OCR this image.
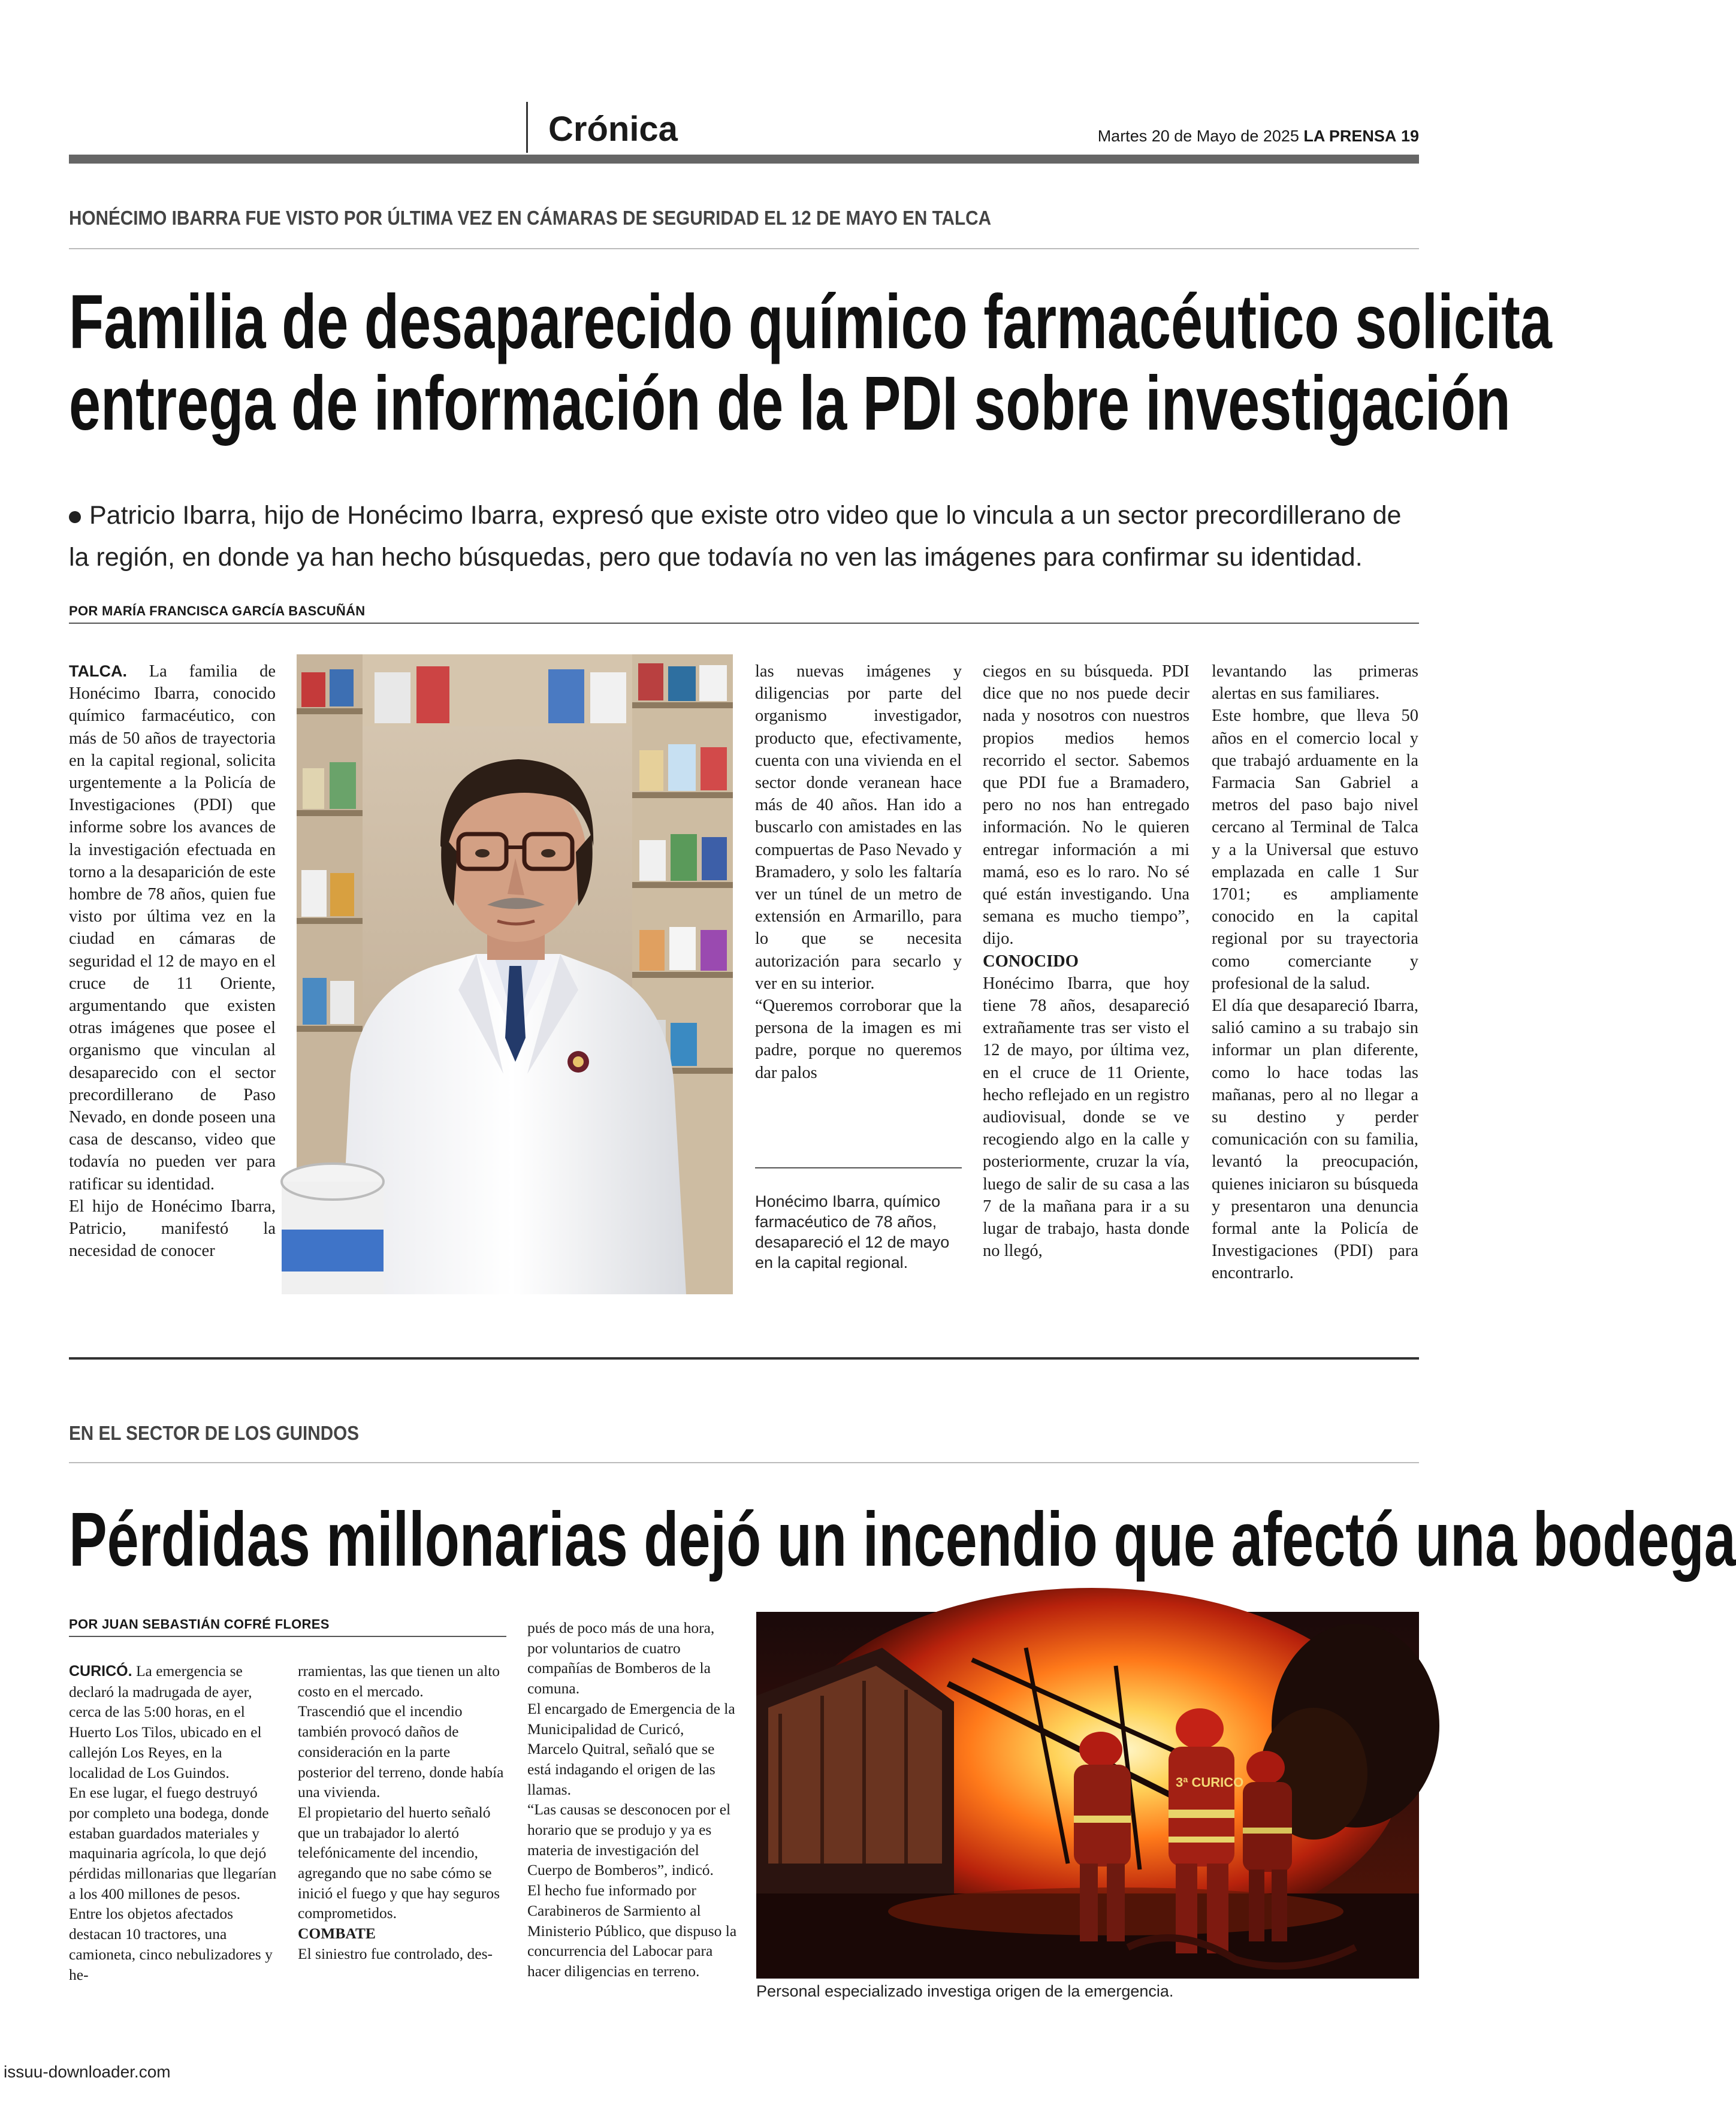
Crónica	Martes 20 de Mayo de 2025 LA PRENSA 19
HONÉCIMO IBARRA FUE VISTO POR ÚLTIMA VEZ EN CÁMARAS DE SEGURIDAD EL 12 DE MAYO EN TALCA
Familia de desaparecido químico farmacéutico solicita
entrega de información de la PDI sobre investigación
Patricio Ibarra, hijo de Honécimo Ibarra, expresó que existe otro video que lo vincula a un sector precordillerano de la región, en donde ya han hecho búsquedas, pero que todavía no ven las imágenes para confirmar su identidad.
POR MARÍA FRANCISCA GARCÍA BASCUÑÁN

TALCA. La familia de Honécimo Ibarra, conocido químico farmacéutico, con más de 50 años de trayectoria en la capital regional, solicita urgentemente a la Policía de Investigaciones (PDI) que informe sobre los avances de la investigación efectuada en torno a la desaparición de este hombre de 78 años, quien fue visto por última vez en la ciudad en cámaras de seguridad el 12 de mayo en el cruce de 11 Oriente, argumentando que existen otras imágenes que posee el organismo que vinculan al desaparecido con el sector precordillerano de Paso Nevado, en donde poseen una casa de descanso, video que todavía no pueden ver para ratificar su identidad.

El hijo de Honécimo Ibarra, Patricio, manifestó la necesidad de conocer

las nuevas imágenes y diligencias por parte del organismo investigador, producto que, efectivamente, cuenta con una vivienda en el sector donde veranean hace más de 40 años. Han ido a buscarlo con amistades en las compuertas de Paso Nevado y Bramadero, y solo les faltaría ver un túnel de un metro de extensión en Armarillo, para lo que se necesita autorización para secarlo y ver en su interior.

“Queremos corroborar que la persona de la imagen es mi padre, porque no queremos dar palos

Honécimo Ibarra, químico farmacéutico de 78 años, desapareció el 12 de mayo en la capital regional.

ciegos en su búsqueda. PDI dice que no nos puede decir nada y nosotros con nuestros propios medios hemos recorrido el sector. Sabemos que PDI fue a Bramadero, pero no nos han entregado información. No le quieren entregar información a mi mamá, eso es lo raro. No sé qué están investigando. Una semana es mucho tiempo”, dijo.

CONOCIDO

Honécimo Ibarra, que hoy tiene 78 años, desapareció extrañamente tras ser visto el 12 de mayo, por última vez, en el cruce de 11 Oriente, hecho reflejado en un registro audiovisual, donde se ve recogiendo algo en la calle y posteriormente, cruzar la vía, luego de salir de su casa a las 7 de la mañana para ir a su lugar de trabajo, hasta donde no llegó,

levantando las primeras alertas en sus familiares.

Este hombre, que lleva 50 años en el comercio local y que trabajó arduamente en la Farmacia San Gabriel a metros del paso bajo nivel cercano al Terminal de Talca y a la Universal que estuvo emplazada en calle 1 Sur 1701; es ampliamente conocido en la capital regional por su trayectoria como comerciante y profesional de la salud.

El día que desapareció Ibarra, salió camino a su trabajo sin informar un plan diferente, como lo hace todas las mañanas, pero al no llegar a su destino y perder comunicación con su familia, levantó la preocupación, quienes iniciaron su búsqueda y presentaron una denuncia formal ante la Policía de Investigaciones (PDI) para encontrarlo.

EN EL SECTOR DE LOS GUINDOS
Pérdidas millonarias dejó un incendio que afectó una bodega
POR JUAN SEBASTIÁN COFRÉ FLORES

CURICÓ. La emergencia se declaró la madrugada de ayer, cerca de las 5:00 horas, en el Huerto Los Tilos, ubicado en el callejón Los Reyes, en la localidad de Los Guindos.

En ese lugar, el fuego destruyó por completo una bodega, donde estaban guardados materiales y maquinaria agrícola, lo que dejó pérdidas millonarias que llegarían a los 400 millones de pesos.

Entre los objetos afectados destacan 10 tractores, una camioneta, cinco nebulizadores y he-

rramientas, las que tienen un alto costo en el mercado.

Trascendió que el incendio también provocó daños de consideración en la parte posterior del terreno, donde había una vivienda.

El propietario del huerto señaló que un trabajador lo alertó telefónicamente del incendio, agregando que no sabe cómo se inició el fuego y que hay seguros comprometidos.

COMBATE

El siniestro fue controlado, des-

pués de poco más de una hora, por voluntarios de cuatro compañías de Bomberos de la comuna.

El encargado de Emergencia de la Municipalidad de Curicó, Marcelo Quitral, señaló que se está indagando el origen de las llamas.

“Las causas se desconocen por el horario que se produjo y ya es materia de investigación del Cuerpo de Bomberos”, indicó.

El hecho fue informado por Carabineros de Sarmiento al Ministerio Público, que dispuso la concurrencia del Labocar para hacer diligencias en terreno.

3ª CURICO
Personal especializado investiga origen de la emergencia.
issuu-downloader.com
